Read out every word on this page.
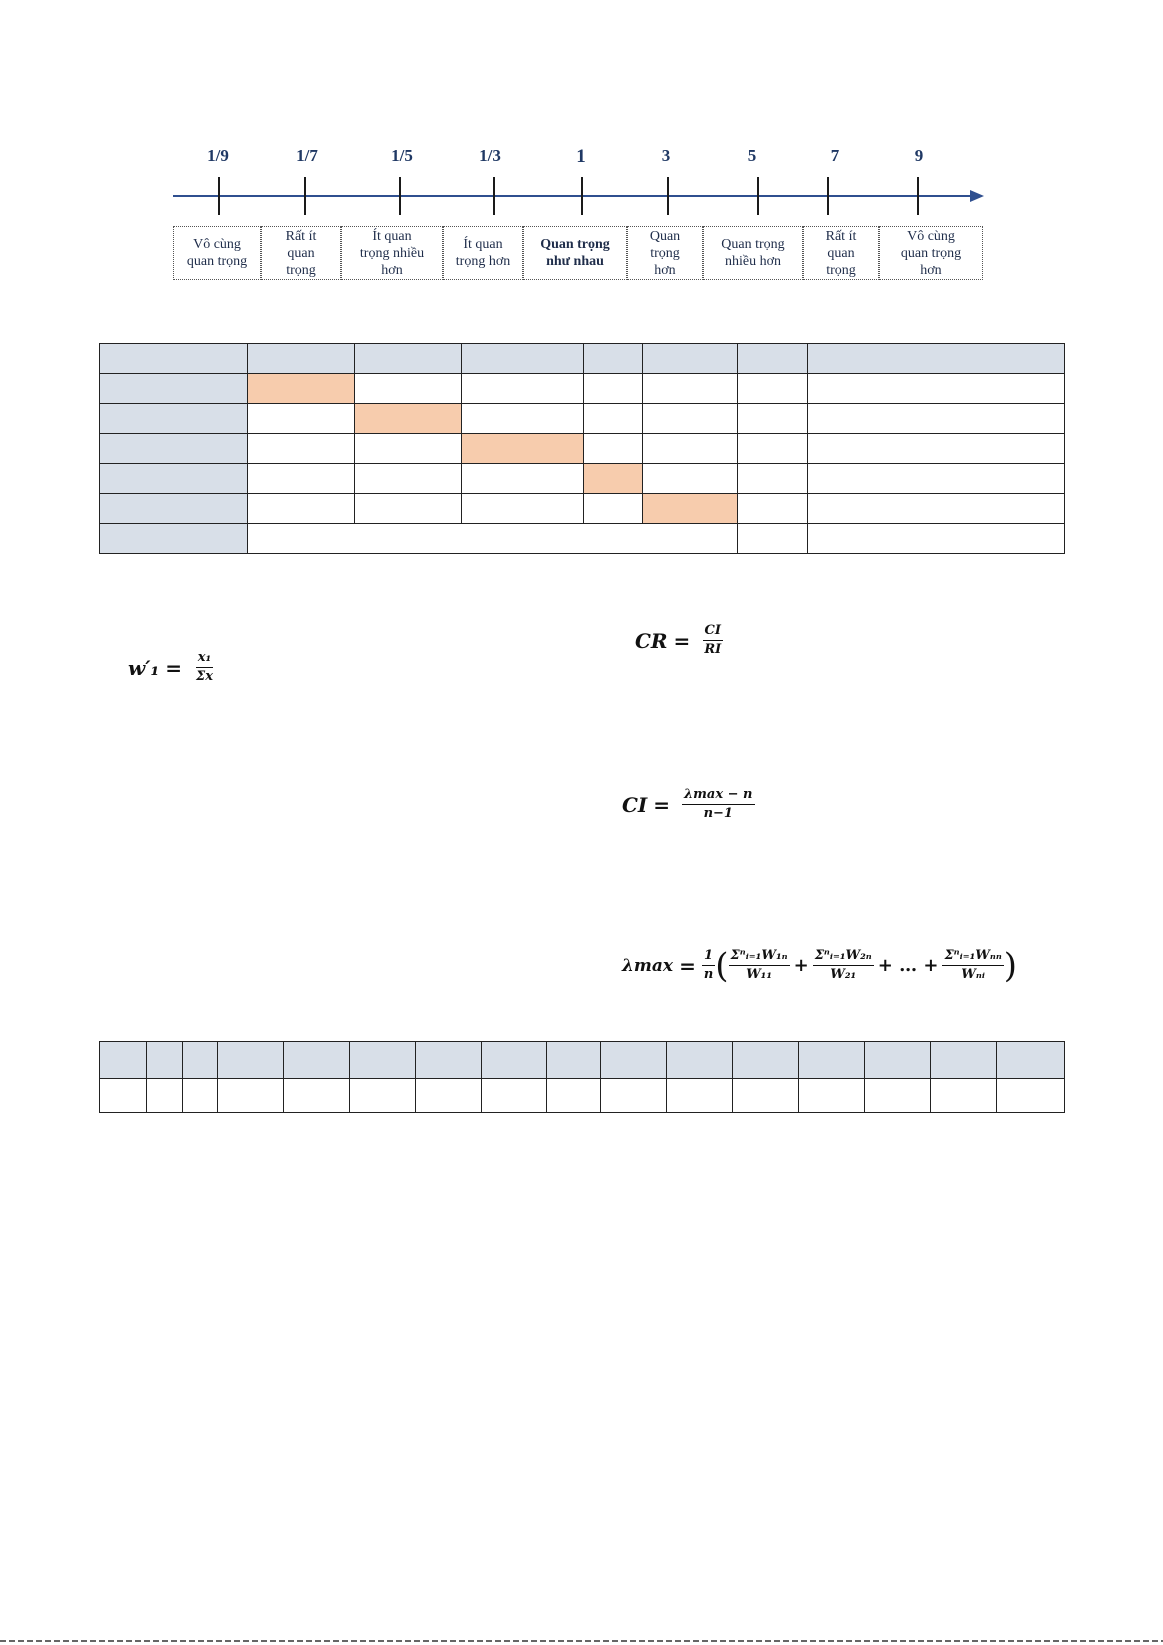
1/9	1/7	1/5	1/3	1	3	5	7	9
Vô cùng
quan trọng
Rất ít
quan
trọng
Ít quan
trọng nhiều
hơn
Ít quan
trọng hơn
Quan trọng
như nhau
Quan
trọng
hơn
Quan trọng
nhiều hơn
Rất ít
quan
trọng
Vô cùng
quan trọng
hơn

$w'_1 = \frac{\text{x₁}}{\Sigma x}$
CR = $\frac{CI}{RI}$
CI = $\frac{\lambda\max - n}{n-1}$
$\lambda\max = \frac{1}{n}$ ( $\frac{\text{Σⁿᵢ₌₁W₁ₙ}}{\text{W₁₁}} + \frac{\text{Σⁿᵢ₌₁W₂ₙ}}{\text{W₂₁}}$ + … + $\frac{\text{Σⁿᵢ₌₁Wₙₙ}}{\text{Wₙᵢ}}$ )
